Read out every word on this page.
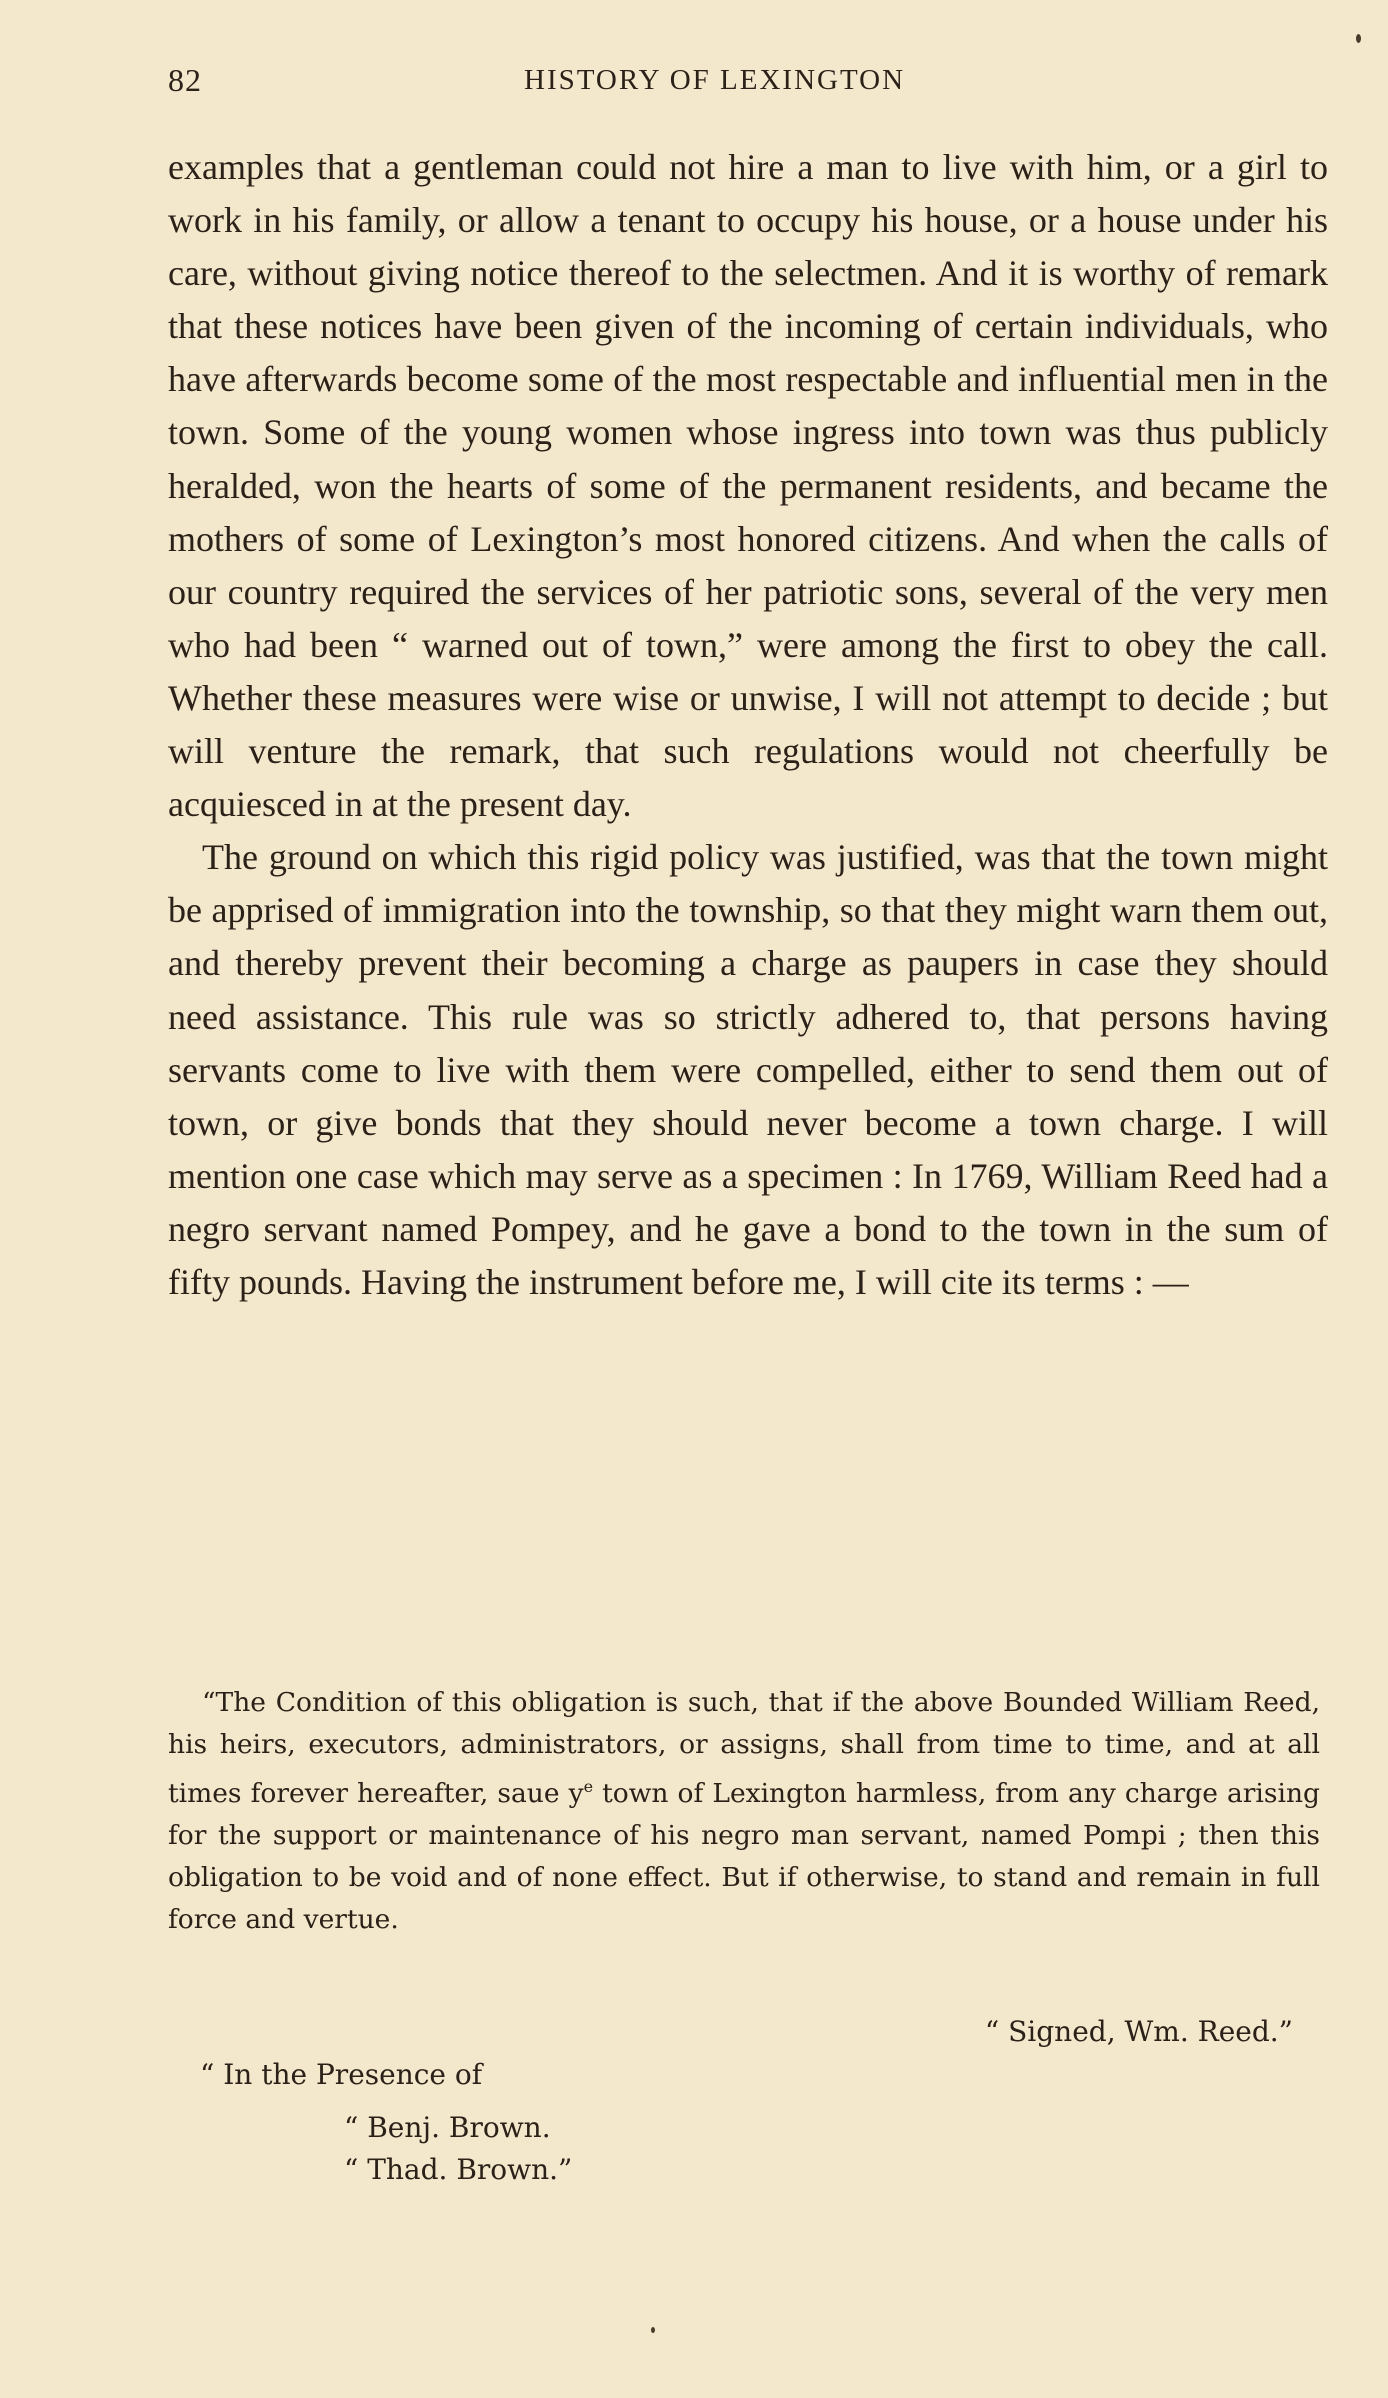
82	HISTORY OF LEXINGTON

examples that a gentleman could not hire a man to live with him, or a girl to work in his family, or allow a tenant to occupy his house, or a house under his care, without giving notice thereof to the selectmen. And it is worthy of remark that these notices have been given of the incoming of certain individuals, who have afterwards become some of the most respectable and influential men in the town. Some of the young women whose ingress into town was thus publicly heralded, won the hearts of some of the permanent residents, and became the mothers of some of Lexington’s most honored citizens. And when the calls of our country required the services of her patriotic sons, several of the very men who had been “ warned out of town,” were among the first to obey the call. Whether these measures were wise or unwise, I will not attempt to decide ; but will venture the remark, that such regulations would not cheerfully be acquiesced in at the present day.

The ground on which this rigid policy was justified, was that the town might be apprised of immigration into the township, so that they might warn them out, and thereby prevent their becoming a charge as paupers in case they should need assistance. This rule was so strictly adhered to, that persons having servants come to live with them were compelled, either to send them out of town, or give bonds that they should never become a town charge. I will mention one case which may serve as a specimen : In 1769, William Reed had a negro servant named Pompey, and he gave a bond to the town in the sum of fifty pounds. Having the instrument before me, I will cite its terms : —

“The Condition of this obligation is such, that if the above Bounded William Reed, his heirs, executors, administrators, or assigns, shall from time to time, and at all times forever hereafter, saue $y^e$ town of Lexington harmless, from any charge arising for the support or maintenance of his negro man servant, named Pompi ; then this obligation to be void and of none effect. But if otherwise, to stand and remain in full force and vertue.

“ Signed, Wm. Reed.”
“ In the Presence of
“ Benj. Brown.
“ Thad. Brown.”
